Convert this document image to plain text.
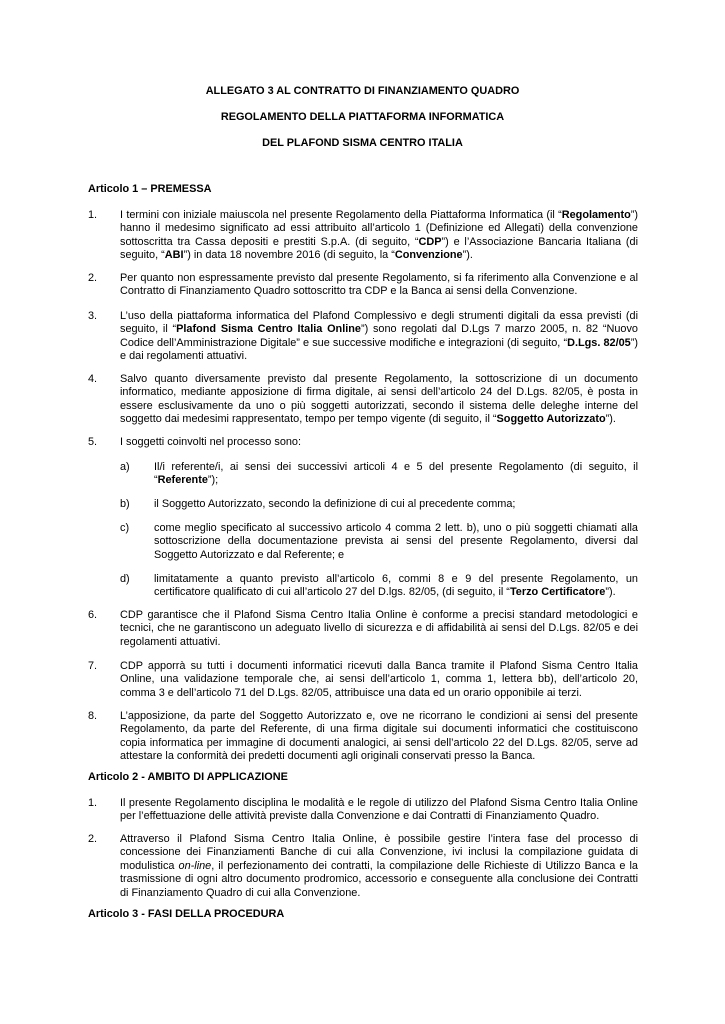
ALLEGATO 3 AL CONTRATTO DI FINANZIAMENTO QUADRO
REGOLAMENTO DELLA PIATTAFORMA INFORMATICA
DEL PLAFOND SISMA CENTRO ITALIA
Articolo 1 – PREMESSA
1.	I termini con iniziale maiuscola nel presente Regolamento della Piattaforma Informatica (il “Regolamento”) hanno il medesimo significato ad essi attribuito all’articolo 1 (Definizione ed Allegati) della convenzione sottoscritta tra Cassa depositi e prestiti S.p.A. (di seguito, “CDP”) e l’Associazione Bancaria Italiana (di seguito, “ABI”) in data 18 novembre 2016 (di seguito, la “Convenzione”).
2.	Per quanto non espressamente previsto dal presente Regolamento, si fa riferimento alla Convenzione e al Contratto di Finanziamento Quadro sottoscritto tra CDP e la Banca ai sensi della Convenzione.
3.	L’uso della piattaforma informatica del Plafond Complessivo e degli strumenti digitali da essa previsti (di seguito, il “Plafond Sisma Centro Italia Online”) sono regolati dal D.Lgs 7 marzo 2005, n. 82 “Nuovo Codice dell’Amministrazione Digitale” e sue successive modifiche e integrazioni (di seguito, “D.Lgs. 82/05”) e dai regolamenti attuativi.
4.	Salvo quanto diversamente previsto dal presente Regolamento, la sottoscrizione di un documento informatico, mediante apposizione di firma digitale, ai sensi dell’articolo 24 del D.Lgs. 82/05, è posta in essere esclusivamente da uno o più soggetti autorizzati, secondo il sistema delle deleghe interne del soggetto dai medesimi rappresentato, tempo per tempo vigente (di seguito, il “Soggetto Autorizzato”).
5.	I soggetti coinvolti nel processo sono:
a)	Il/i referente/i, ai sensi dei successivi articoli 4 e 5 del presente Regolamento (di seguito, il “Referente”);
b)	il Soggetto Autorizzato, secondo la definizione di cui al precedente comma;
c)	come meglio specificato al successivo articolo 4 comma 2 lett. b), uno o più soggetti chiamati alla sottoscrizione della documentazione prevista ai sensi del presente Regolamento, diversi dal Soggetto Autorizzato e dal Referente; e
d)	limitatamente a quanto previsto all’articolo 6, commi 8 e 9 del presente Regolamento, un certificatore qualificato di cui all’articolo 27 del D.lgs. 82/05, (di seguito, il “Terzo Certificatore”).
6.	CDP garantisce che il Plafond Sisma Centro Italia Online è conforme a precisi standard metodologici e tecnici, che ne garantiscono un adeguato livello di sicurezza e di affidabilità ai sensi del D.Lgs. 82/05 e dei regolamenti attuativi.
7.	CDP apporrà su tutti i documenti informatici ricevuti dalla Banca tramite il Plafond Sisma Centro Italia Online, una validazione temporale che, ai sensi dell’articolo 1, comma 1, lettera bb), dell’articolo 20, comma 3 e dell’articolo 71 del D.Lgs. 82/05, attribuisce una data ed un orario opponibile ai terzi.
8.	L’apposizione, da parte del Soggetto Autorizzato e, ove ne ricorrano le condizioni ai sensi del presente Regolamento, da parte del Referente, di una firma digitale sui documenti informatici che costituiscono copia informatica per immagine di documenti analogici, ai sensi dell’articolo 22 del D.Lgs. 82/05, serve ad attestare la conformità dei predetti documenti agli originali conservati presso la Banca.
Articolo 2 - AMBITO DI APPLICAZIONE
1.	Il presente Regolamento disciplina le modalità e le regole di utilizzo del Plafond Sisma Centro Italia Online per l’effettuazione delle attività previste dalla Convenzione e dai Contratti di Finanziamento Quadro.
2.	Attraverso il Plafond Sisma Centro Italia Online, è possibile gestire l’intera fase del processo di concessione dei Finanziamenti Banche di cui alla Convenzione, ivi inclusi la compilazione guidata di modulistica on-line, il perfezionamento dei contratti, la compilazione delle Richieste di Utilizzo Banca e la trasmissione di ogni altro documento prodromico, accessorio e conseguente alla conclusione dei Contratti di Finanziamento Quadro di cui alla Convenzione.
Articolo 3 - FASI DELLA PROCEDURA
